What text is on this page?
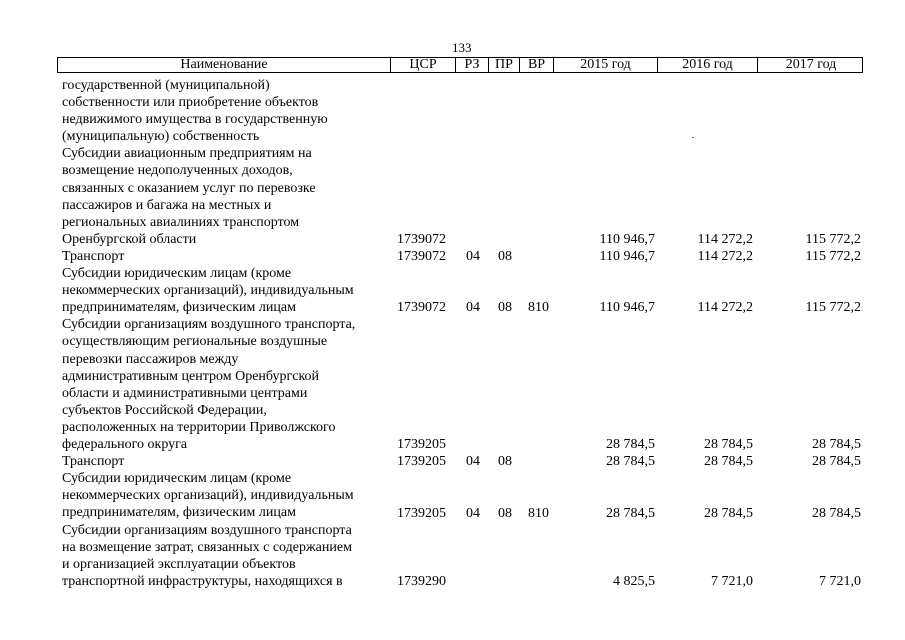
133
Наименование	ЦСР	РЗ	ПР	ВР	2015 год	2016 год	2017 год
государственной (муниципальной)
собственности или приобретение объектов
недвижимого имущества в государственную
(муниципальную) собственность
Субсидии авиационным предприятиям на
возмещение недополученных доходов,
связанных с оказанием услуг по перевозке
пассажиров и багажа на местных и
региональных авиалиниях транспортом
Оренбургской области	1739072	110 946,7	114 272,2	115 772,2
Транспорт	1739072 04 08	110 946,7	114 272,2	115 772,2
Субсидии юридическим лицам (кроме
некоммерческих организаций), индивидуальным
предпринимателям, физическим лицам	1739072 04 08 810	110 946,7	114 272,2	115 772,2
Субсидии организациям воздушного транспорта,
осуществляющим региональные воздушные
перевозки пассажиров между
административным центром Оренбургской
области и административными центрами
субъектов Российской Федерации,
расположенных на территории Приволжского
федерального округа	1739205	28 784,5	28 784,5	28 784,5
Транспорт	1739205 04 08	28 784,5	28 784,5	28 784,5
Субсидии юридическим лицам (кроме
некоммерческих организаций), индивидуальным
предпринимателям, физическим лицам	1739205 04 08 810	28 784,5	28 784,5	28 784,5
Субсидии организациям воздушного транспорта
на возмещение затрат, связанных с содержанием
и организацией эксплуатации объектов
транспортной инфраструктуры, находящихся в	1739290	4 825,5	7 721,0	7 721,0
